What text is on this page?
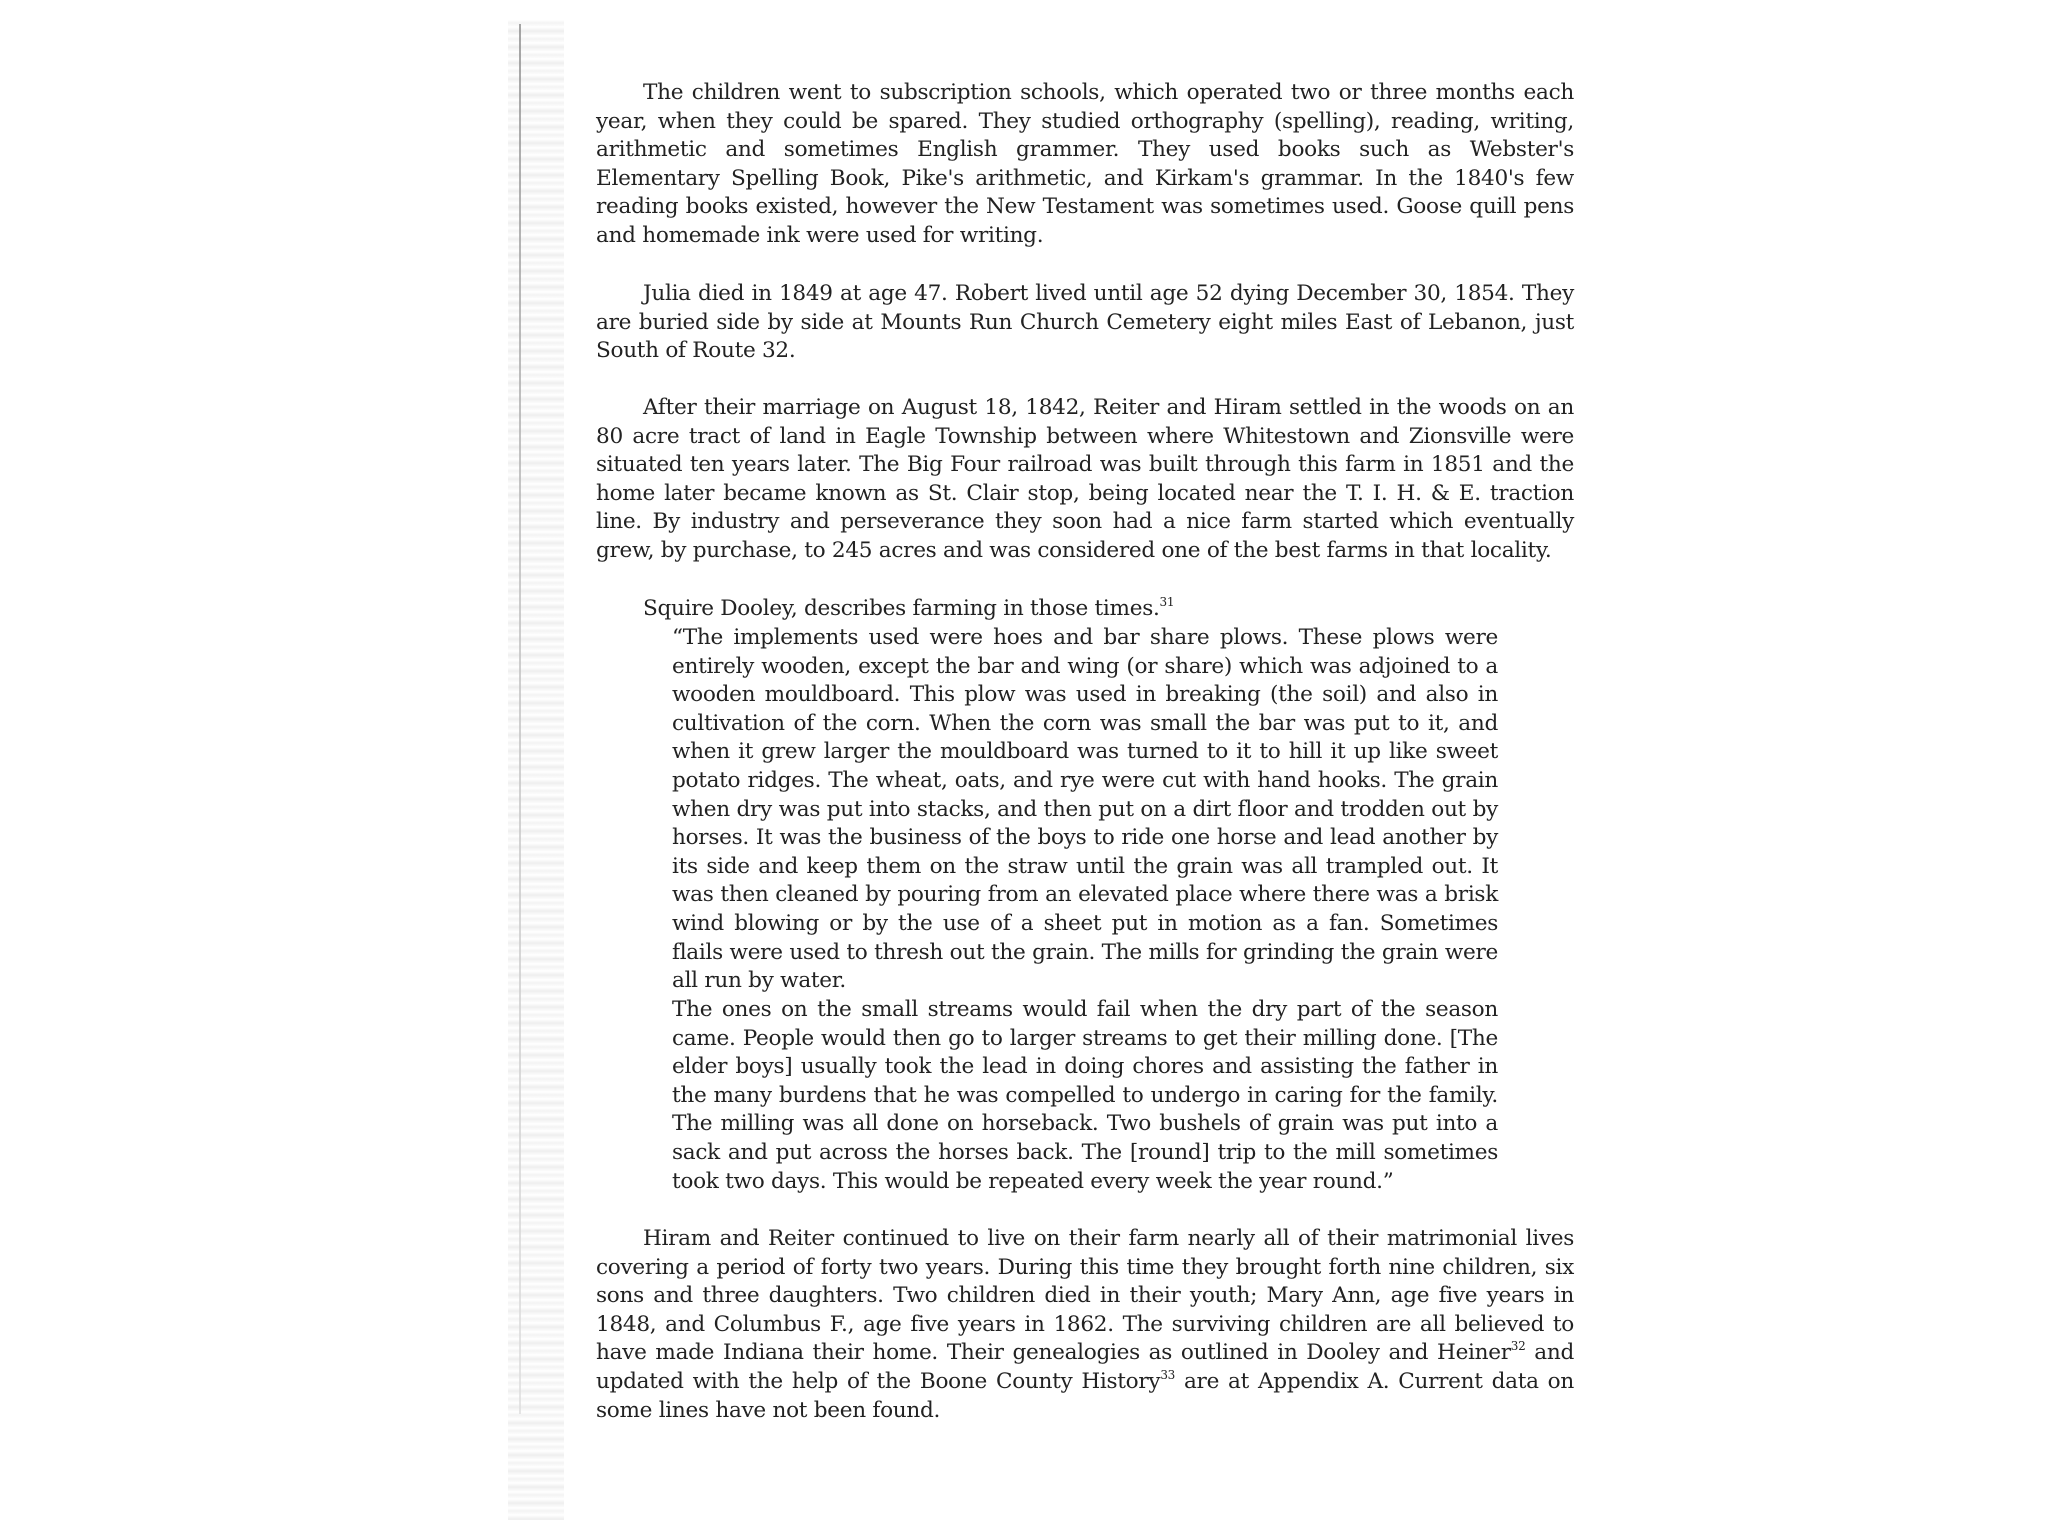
The children went to subscription schools, which operated two or three months each year, when they could be spared. They studied orthography (spelling), reading, writing, arithmetic and sometimes English grammer. They used books such as Webster's Elementary Spelling Book, Pike's arithmetic, and Kirkam's grammar. In the 1840's few reading books existed, however the New Testament was sometimes used. Goose quill pens and homemade ink were used for writing.

Julia died in 1849 at age 47. Robert lived until age 52 dying December 30, 1854. They are buried side by side at Mounts Run Church Cemetery eight miles East of Lebanon, just South of Route 32.

After their marriage on August 18, 1842, Reiter and Hiram settled in the woods on an 80 acre tract of land in Eagle Township between where Whitestown and Zionsville were situated ten years later. The Big Four railroad was built through this farm in 1851 and the home later became known as St. Clair stop, being located near the T. I. H. & E. traction line. By industry and perseverance they soon had a nice farm started which eventually grew, by purchase, to 245 acres and was considered one of the best farms in that locality.

Squire Dooley, describes farming in those times.$^{31}$

“The implements used were hoes and bar share plows. These plows were entirely wooden, except the bar and wing (or share) which was adjoined to a wooden mouldboard. This plow was used in breaking (the soil) and also in cultivation of the corn. When the corn was small the bar was put to it, and when it grew larger the mouldboard was turned to it to hill it up like sweet potato ridges. The wheat, oats, and rye were cut with hand hooks. The grain when dry was put into stacks, and then put on a dirt floor and trodden out by horses. It was the business of the boys to ride one horse and lead another by its side and keep them on the straw until the grain was all trampled out. It was then cleaned by pouring from an elevated place where there was a brisk wind blowing or by the use of a sheet put in motion as a fan. Sometimes flails were used to thresh out the grain. The mills for grinding the grain were all run by water.

The ones on the small streams would fail when the dry part of the season came. People would then go to larger streams to get their milling done. [The elder boys] usually took the lead in doing chores and assisting the father in the many burdens that he was compelled to undergo in caring for the family. The milling was all done on horseback. Two bushels of grain was put into a sack and put across the horses back. The [round] trip to the mill sometimes took two days. This would be repeated every week the year round.”

Hiram and Reiter continued to live on their farm nearly all of their matrimonial lives covering a period of forty two years. During this time they brought forth nine children, six sons and three daughters. Two children died in their youth; Mary Ann, age five years in 1848, and Columbus F., age five years in 1862. The surviving children are all believed to have made Indiana their home. Their genealogies as outlined in Dooley and Heiner$^{32}$ and updated with the help of the Boone County History$^{33}$ are at Appendix A. Current data on some lines have not been found.
